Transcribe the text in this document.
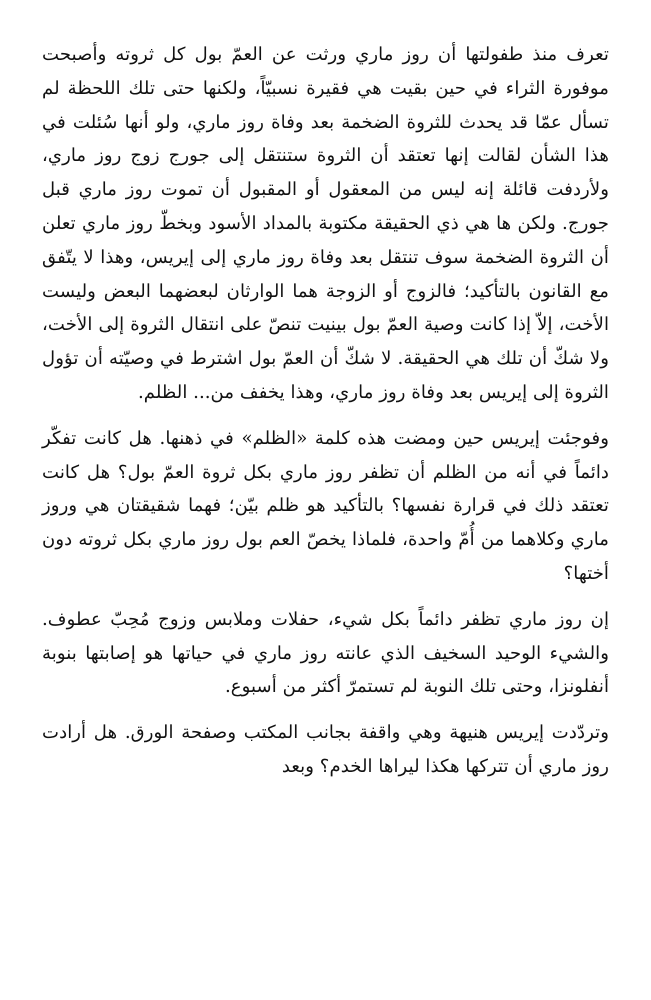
تعرف منذ طفولتها أن روز ماري ورثت عن العمّ بول كل ثروته وأصبحت موفورة الثراء في حين بقيت هي فقيرة نسبيّاً، ولكنها حتى تلك اللحظة لم تسأل عمّا قد يحدث للثروة الضخمة بعد وفاة روز ماري، ولو أنها سُئلت في هذا الشأن لقالت إنها تعتقد أن الثروة ستنتقل إلى جورج زوج روز ماري، ولأردفت قائلة إنه ليس من المعقول أو المقبول أن تموت روز ماري قبل جورج. ولكن ها هي ذي الحقيقة مكتوبة بالمداد الأسود وبخطّ روز ماري تعلن أن الثروة الضخمة سوف تنتقل بعد وفاة روز ماري إلى إيريس، وهذا لا يتّفق مع القانون بالتأكيد؛ فالزوج أو الزوجة هما الوارثان لبعضهما البعض وليست الأخت، إلاّ إذا كانت وصية العمّ بول بينيت تنصّ على انتقال الثروة إلى الأخت، ولا شكّ أن تلك هي الحقيقة. لا شكّ أن العمّ بول اشترط في وصيّته أن تؤول الثروة إلى إيريس بعد وفاة روز ماري، وهذا يخفف من... الظلم.

وفوجئت إيريس حين ومضت هذه كلمة «الظلم» في ذهنها. هل كانت تفكّر دائماً في أنه من الظلم أن تظفر روز ماري بكل ثروة العمّ بول؟ هل كانت تعتقد ذلك في قرارة نفسها؟ بالتأكيد هو ظلم بيّن؛ فهما شقيقتان هي وروز ماري وكلاهما من أُمّ واحدة، فلماذا يخصّ العم بول روز ماري بكل ثروته دون أختها؟

إن روز ماري تظفر دائماً بكل شيء، حفلات وملابس وزوج مُحِبّ عطوف. والشيء الوحيد السخيف الذي عانته روز ماري في حياتها هو إصابتها بنوبة أنفلونزا، وحتى تلك النوبة لم تستمرّ أكثر من أسبوع.

وتردّدت إيريس هنيهة وهي واقفة بجانب المكتب وصفحة الورق. هل أرادت روز ماري أن تتركها هكذا ليراها الخدم؟ وبعد
